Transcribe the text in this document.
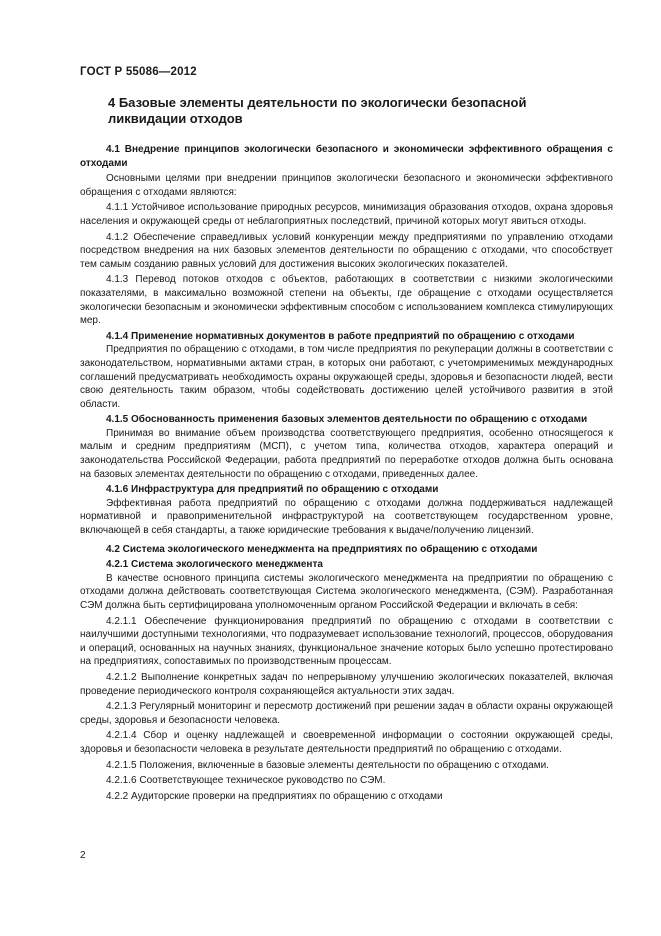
ГОСТ Р 55086—2012
4 Базовые элементы деятельности по экологически безопасной ликвидации отходов

4.1 Внедрение принципов экологически безопасного и экономически эффективного обращения с отходами

Основными целями при внедрении принципов экологически безопасного и экономически эффективного обращения с отходами являются:

4.1.1 Устойчивое использование природных ресурсов, минимизация образования отходов, охрана здоровья населения и окружающей среды от неблагоприятных последствий, причиной которых могут явиться отходы.

4.1.2 Обеспечение справедливых условий конкуренции между предприятиями по управлению отходами посредством внедрения на них базовых элементов деятельности по обращению с отходами, что способствует тем самым созданию равных условий для достижения высоких экологических показателей.

4.1.3 Перевод потоков отходов с объектов, работающих в соответствии с низкими экологическими показателями, в максимально возможной степени на объекты, где обращение с отходами осуществляется экологически безопасным и экономически эффективным способом с использованием комплекса стимулирующих мер.

4.1.4 Применение нормативных документов в работе предприятий по обращению с отходами

Предприятия по обращению с отходами, в том числе предприятия по рекуперации должны в соответствии с законодательством, нормативными актами стран, в которых они работают, с учетомрименимых международных соглашений предусматривать необходимость охраны окружающей среды, здоровья и безопасности людей, вести свою деятельность таким образом, чтобы содействовать достижению целей устойчивого развития в этой области.

4.1.5 Обоснованность применения базовых элементов деятельности по обращению с отходами

Принимая во внимание объем производства соответствующего предприятия, особенно относящегося к малым и средним предприятиям (МСП), с учетом типа, количества отходов, характера операций и законодательства Российской Федерации, работа предприятий по переработке отходов должна быть основана на базовых элементах деятельности по обращению с отходами, приведенных далее.

4.1.6 Инфраструктура для предприятий по обращению с отходами

Эффективная работа предприятий по обращению с отходами должна поддерживаться надлежащей нормативной и правоприменительной инфраструктурой на соответствующем государственном уровне, включающей в себя стандарты, а также юридические требования к выдаче/получению лицензий.

4.2 Система экологического менеджмента на предприятиях по обращению с отходами

4.2.1 Система экологического менеджмента

В качестве основного принципа системы экологического менеджмента на предприятии по обращению с отходами должна действовать соответствующая Система экологического менеджмента, (СЭМ). Разработанная СЭМ должна быть сертифицирована уполномоченным органом Российской Федерации и включать в себя:

4.2.1.1 Обеспечение функционирования предприятий по обращению с отходами в соответствии с наилучшими доступными технологиями, что подразумевает использование технологий, процессов, оборудования и операций, основанных на научных знаниях, функциональное значение которых было успешно протестировано на предприятиях, сопоставимых по производственным процессам.

4.2.1.2 Выполнение конкретных задач по непрерывному улучшению экологических показателей, включая проведение периодического контроля сохраняющейся актуальности этих задач.

4.2.1.3 Регулярный мониторинг и пересмотр достижений при решении задач в области охраны окружающей среды, здоровья и безопасности человека.

4.2.1.4 Сбор и оценку надлежащей и своевременной информации о состоянии окружающей среды, здоровья и безопасности человека в результате деятельности предприятий по обращению с отходами.

4.2.1.5 Положения, включенные в базовые элементы деятельности по обращению с отходами.

4.2.1.6 Соответствующее техническое руководство по СЭМ.

4.2.2 Аудиторские проверки на предприятиях по обращению с отходами

2
